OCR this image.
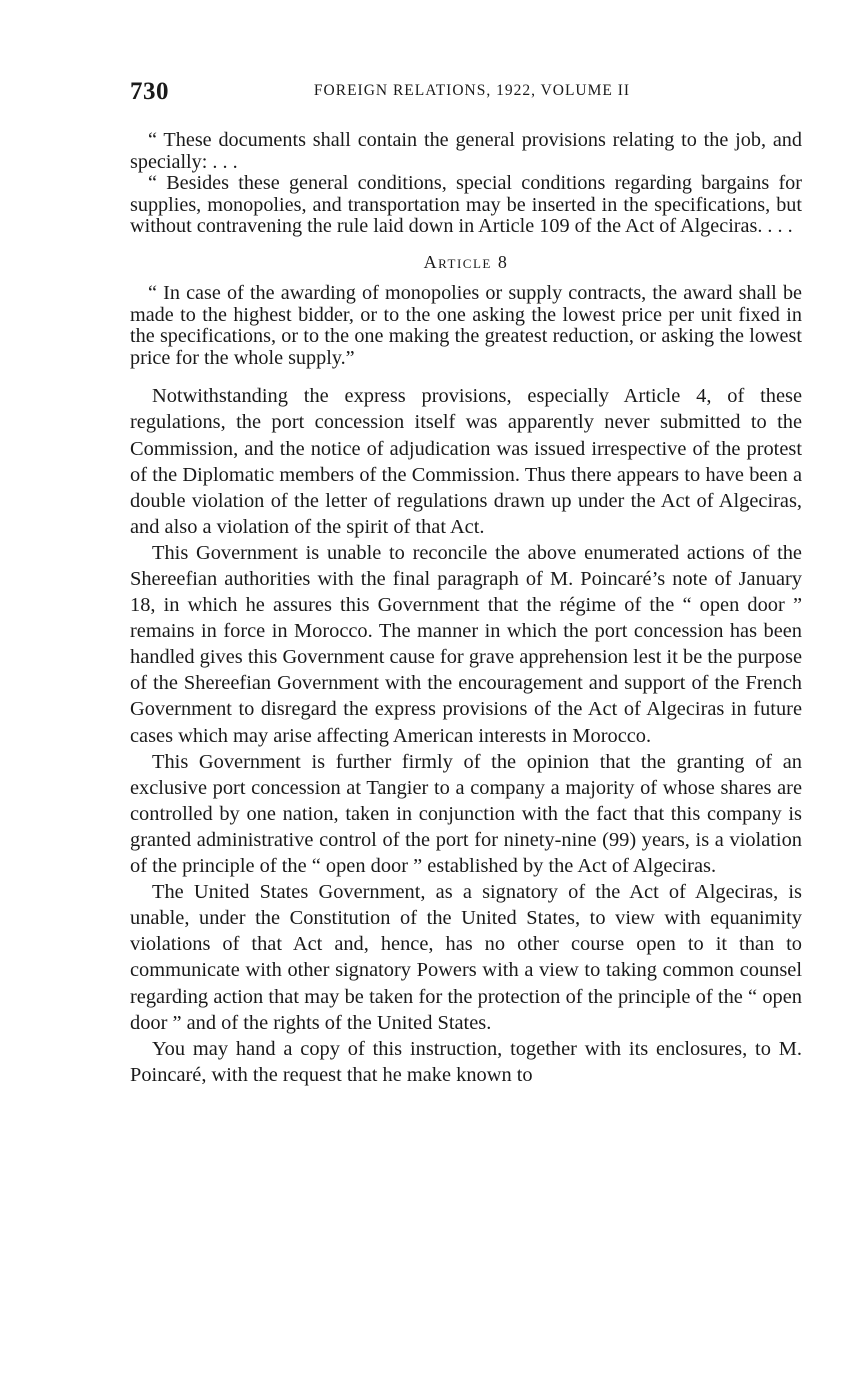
730	FOREIGN RELATIONS, 1922, VOLUME II

“ These documents shall contain the general provisions relating to the job, and specially: . . .

“ Besides these general conditions, special conditions regarding bargains for supplies, monopolies, and transportation may be inserted in the specifications, but without contravening the rule laid down in Article 109 of the Act of Algeciras. . . .

Article 8

“ In case of the awarding of monopolies or supply contracts, the award shall be made to the highest bidder, or to the one asking the lowest price per unit fixed in the specifications, or to the one making the greatest reduction, or asking the lowest price for the whole supply.”

Notwithstanding the express provisions, especially Article 4, of these regulations, the port concession itself was apparently never submitted to the Commission, and the notice of adjudication was issued irrespective of the protest of the Diplomatic members of the Commission. Thus there appears to have been a double violation of the letter of regulations drawn up under the Act of Algeciras, and also a violation of the spirit of that Act.

This Government is unable to reconcile the above enumerated actions of the Shereefian authorities with the final paragraph of M. Poincaré’s note of January 18, in which he assures this Government that the régime of the “ open door ” remains in force in Morocco. The manner in which the port concession has been handled gives this Government cause for grave apprehension lest it be the purpose of the Shereefian Government with the encouragement and support of the French Government to disregard the express provisions of the Act of Algeciras in future cases which may arise affecting American interests in Morocco.

This Government is further firmly of the opinion that the granting of an exclusive port concession at Tangier to a company a majority of whose shares are controlled by one nation, taken in conjunction with the fact that this company is granted administrative control of the port for ninety-nine (99) years, is a violation of the principle of the “ open door ” established by the Act of Algeciras.

The United States Government, as a signatory of the Act of Algeciras, is unable, under the Constitution of the United States, to view with equanimity violations of that Act and, hence, has no other course open to it than to communicate with other signatory Powers with a view to taking common counsel regarding action that may be taken for the protection of the principle of the “ open door ” and of the rights of the United States.

You may hand a copy of this instruction, together with its enclosures, to M. Poincaré, with the request that he make known to
